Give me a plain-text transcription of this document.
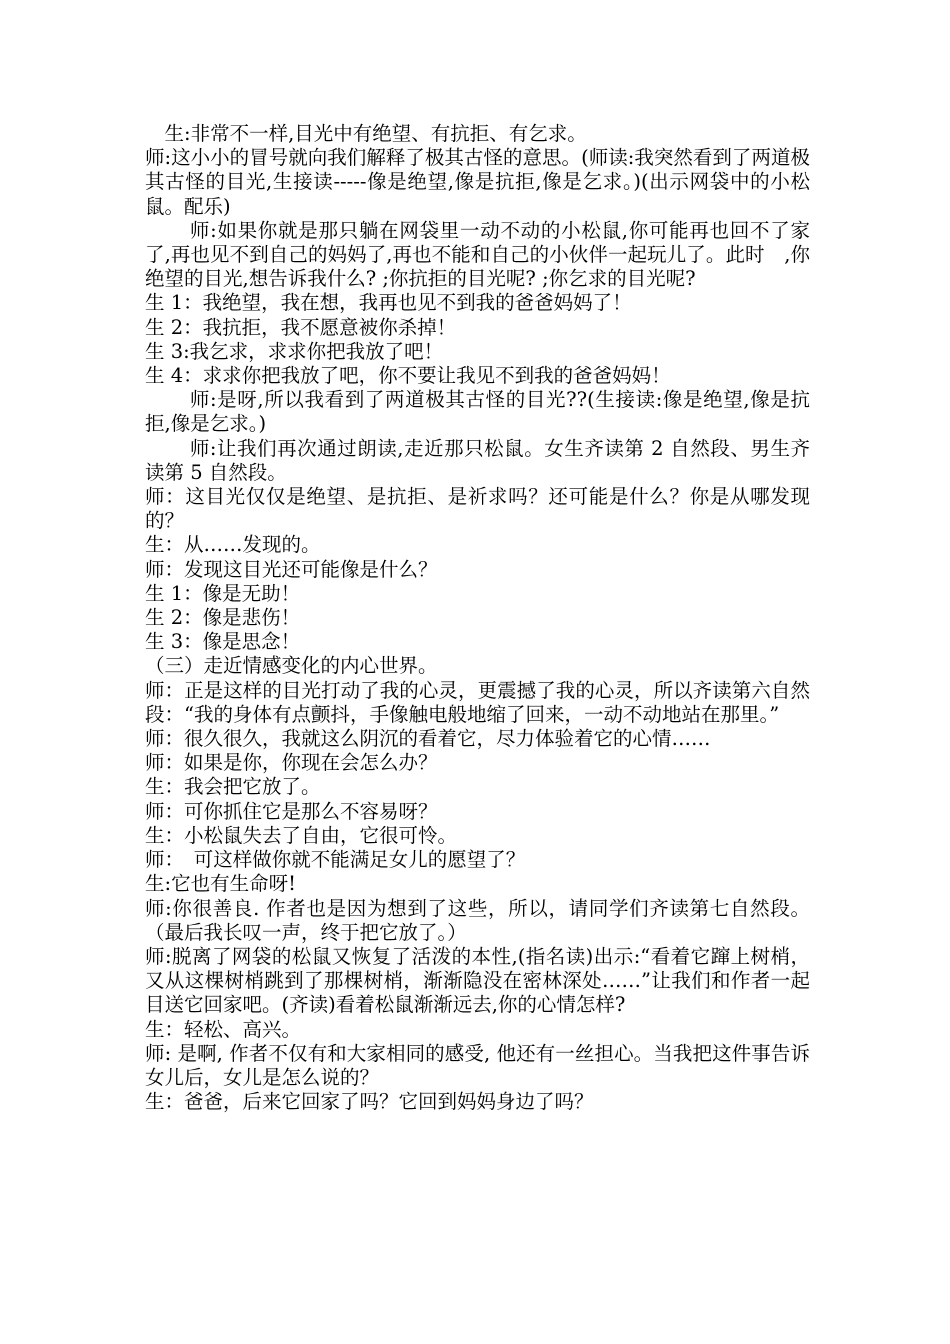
生:非常不一样,目光中有绝望、有抗拒、有乞求。

师:这小小的冒号就向我们解释了极其古怪的意思。(师读:我突然看到了两道极其古怪的目光,生接读-----像是绝望,像是抗拒,像是乞求。)(出示网袋中的小松鼠。配乐)

师:如果你就是那只躺在网袋里一动不动的小松鼠,你可能再也回不了家了,再也见不到自己的妈妈了,再也不能和自己的小伙伴一起玩儿了。此时　,你绝望的目光,想告诉我什么? ;你抗拒的目光呢? ;你乞求的目光呢?

生 1：我绝望，我在想，我再也见不到我的爸爸妈妈了！

生 2：我抗拒，我不愿意被你杀掉！

生 3:我乞求，求求你把我放了吧！

生 4：求求你把我放了吧，你不要让我见不到我的爸爸妈妈！

师:是呀,所以我看到了两道极其古怪的目光??(生接读:像是绝望,像是抗拒,像是乞求。)

师:让我们再次通过朗读,走近那只松鼠。女生齐读第 2 自然段、男生齐读第 5 自然段。

师：这目光仅仅是绝望、是抗拒、是祈求吗？还可能是什么？你是从哪发现的？

生：从……发现的。

师：发现这目光还可能像是什么？

生 1：像是无助！

生 2：像是悲伤！

生 3：像是思念！

（三）走近情感变化的内心世界。

师：正是这样的目光打动了我的心灵，更震撼了我的心灵，所以齐读第六自然段：“我的身体有点颤抖，手像触电般地缩了回来，一动不动地站在那里。”

师：很久很久，我就这么阴沉的看着它，尽力体验着它的心情……

师：如果是你，你现在会怎么办？

生：我会把它放了。

师：可你抓住它是那么不容易呀？

生：小松鼠失去了自由，它很可怜。

师：　可这样做你就不能满足女儿的愿望了？

生:它也有生命呀!

师:你很善良. 作者也是因为想到了这些，所以，请同学们齐读第七自然段。（最后我长叹一声，终于把它放了。）

师:脱离了网袋的松鼠又恢复了活泼的本性,(指名读)出示:“看着它蹿上树梢，又从这棵树梢跳到了那棵树梢，渐渐隐没在密林深处……”让我们和作者一起目送它回家吧。(齐读)看着松鼠渐渐远去,你的心情怎样?

生：轻松、高兴。

师: 是啊, 作者不仅有和大家相同的感受, 他还有一丝担心。当我把这件事告诉女儿后，女儿是怎么说的？

生：爸爸，后来它回家了吗？它回到妈妈身边了吗？
